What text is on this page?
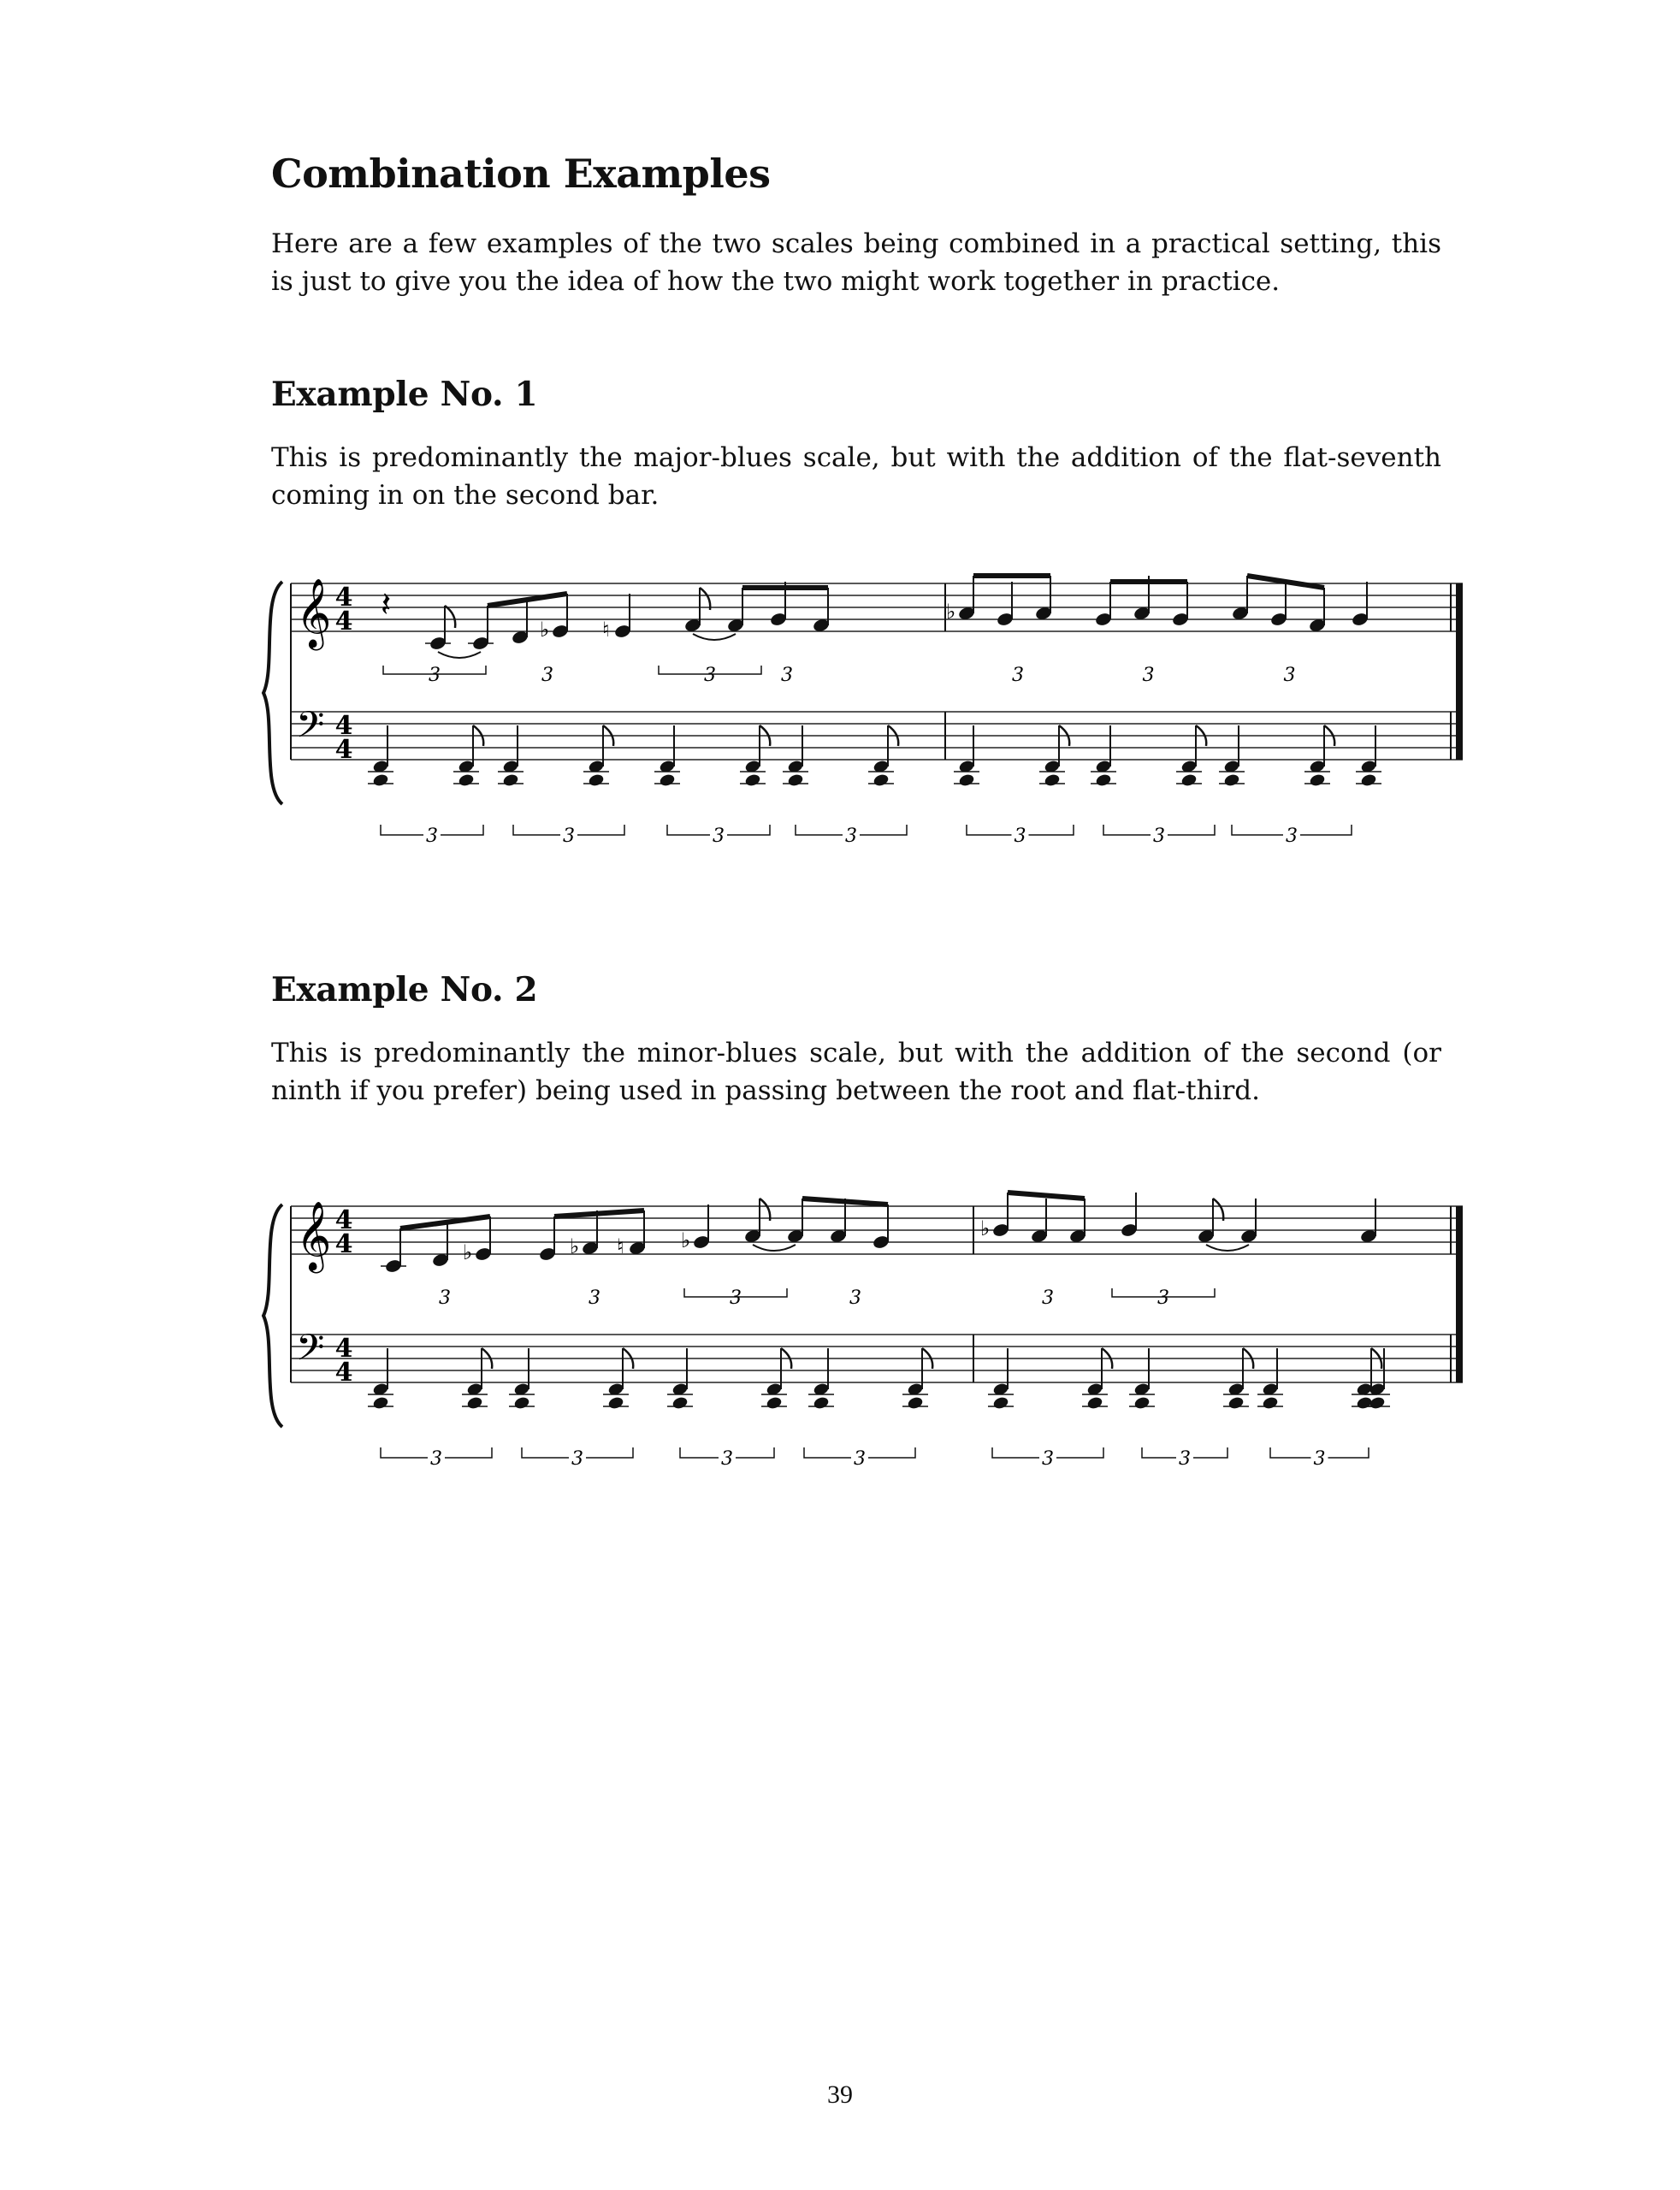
Combination Examples

Here are a few examples of the two scales being combined in a practical setting, this is just to give you the idea of how the two might work together in practice.

Example No. 1

This is predominantly the major-blues scale, but with the addition of the flat-seventh coming in on the second bar.

𝄞
𝄢
4
4
4
4
♭	♮
♭
𝄽
3	3	3	3	3	3	3
3	3	3	3	3	3	3
Example No. 2

This is predominantly the minor-blues scale, but with the addition of the second (or ninth if you prefer) being used in passing between the root and flat-third.

𝄞
𝄢
4
4
4
4
♭	♭ ♮	♭	♭
3	3	3	3	3	3
3	3	3	3	3	3	3
39
